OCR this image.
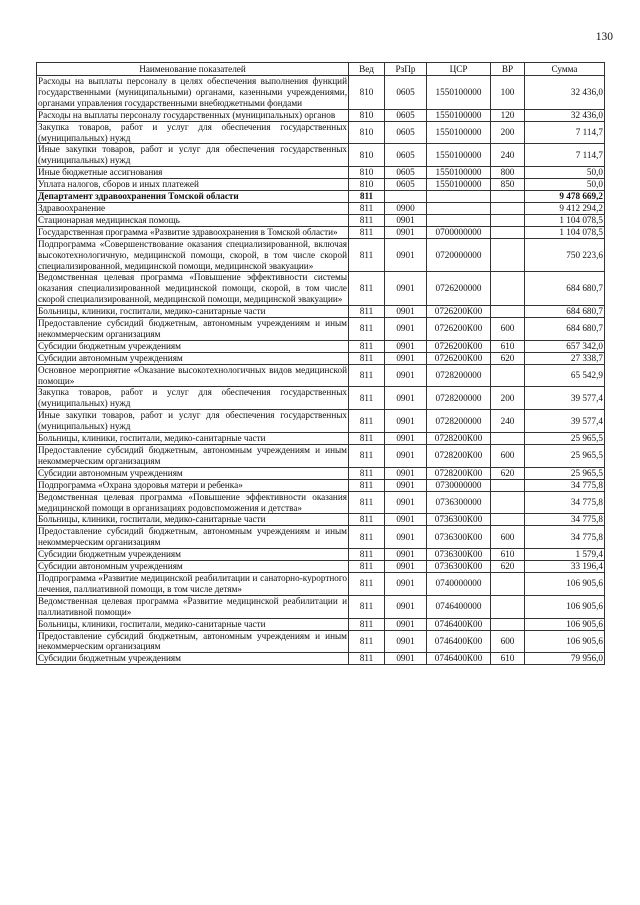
130
Наименование показателей	Вед	РзПр	ЦСР	ВР	Сумма
Расходы на выплаты персоналу в целях обеспечения выполнения функций государственными (муниципальными) органами, казенными учреждениями, органами управления государственными внебюджетными фондами	810	0605	1550100000	100	32 436,0
Расходы на выплаты персоналу государственных (муниципальных) органов	810	0605	1550100000	120	32 436,0
Закупка товаров, работ и услуг для обеспечения государственных (муниципальных) нужд	810	0605	1550100000	200	7 114,7
Иные закупки товаров, работ и услуг для обеспечения государственных (муниципальных) нужд	810	0605	1550100000	240	7 114,7
Иные бюджетные ассигнования	810	0605	1550100000	800	50,0
Уплата налогов, сборов и иных платежей	810	0605	1550100000	850	50,0
Департамент здравоохранения Томской области	811				9 478 669,2
Здравоохранение	811	0900			9 412 294,2
Стационарная медицинская помощь	811	0901			1 104 078,5
Государственная программа «Развитие здравоохранения в Томской области»	811	0901	0700000000		1 104 078,5
Подпрограмма «Совершенствование оказания специализированной, включая высокотехнологичную, медицинской помощи, скорой, в том числе скорой специализированной, медицинской помощи, медицинской эвакуации»	811	0901	0720000000		750 223,6
Ведомственная целевая программа «Повышение эффективности системы оказания специализированной медицинской помощи, скорой, в том числе скорой специализированной, медицинской помощи, медицинской эвакуации»	811	0901	0726200000		684 680,7
Больницы, клиники, госпитали, медико-санитарные части	811	0901	0726200К00		684 680,7
Предоставление субсидий бюджетным, автономным учреждениям и иным некоммерческим организациям	811	0901	0726200К00	600	684 680,7
Субсидии бюджетным учреждениям	811	0901	0726200К00	610	657 342,0
Субсидии автономным учреждениям	811	0901	0726200К00	620	27 338,7
Основное мероприятие «Оказание высокотехнологичных видов медицинской помощи»	811	0901	0728200000		65 542,9
Закупка товаров, работ и услуг для обеспечения государственных (муниципальных) нужд	811	0901	0728200000	200	39 577,4
Иные закупки товаров, работ и услуг для обеспечения государственных (муниципальных) нужд	811	0901	0728200000	240	39 577,4
Больницы, клиники, госпитали, медико-санитарные части	811	0901	0728200К00		25 965,5
Предоставление субсидий бюджетным, автономным учреждениям и иным некоммерческим организациям	811	0901	0728200К00	600	25 965,5
Субсидии автономным учреждениям	811	0901	0728200К00	620	25 965,5
Подпрограмма «Охрана здоровья матери и ребенка»	811	0901	0730000000		34 775,8
Ведомственная целевая программа «Повышение эффективности оказания медицинской помощи в организациях родовспоможения и детства»	811	0901	0736300000		34 775,8
Больницы, клиники, госпитали, медико-санитарные части	811	0901	0736300К00		34 775,8
Предоставление субсидий бюджетным, автономным учреждениям и иным некоммерческим организациям	811	0901	0736300К00	600	34 775,8
Субсидии бюджетным учреждениям	811	0901	0736300К00	610	1 579,4
Субсидии автономным учреждениям	811	0901	0736300К00	620	33 196,4
Подпрограмма «Развитие медицинской реабилитации и санаторно-курортного лечения, паллиативной помощи, в том числе детям»	811	0901	0740000000		106 905,6
Ведомственная целевая программа «Развитие медицинской реабилитации и паллиативной помощи»	811	0901	0746400000		106 905,6
Больницы, клиники, госпитали, медико-санитарные части	811	0901	0746400К00		106 905,6
Предоставление субсидий бюджетным, автономным учреждениям и иным некоммерческим организациям	811	0901	0746400К00	600	106 905,6
Субсидии бюджетным учреждениям	811	0901	0746400К00	610	79 956,0
